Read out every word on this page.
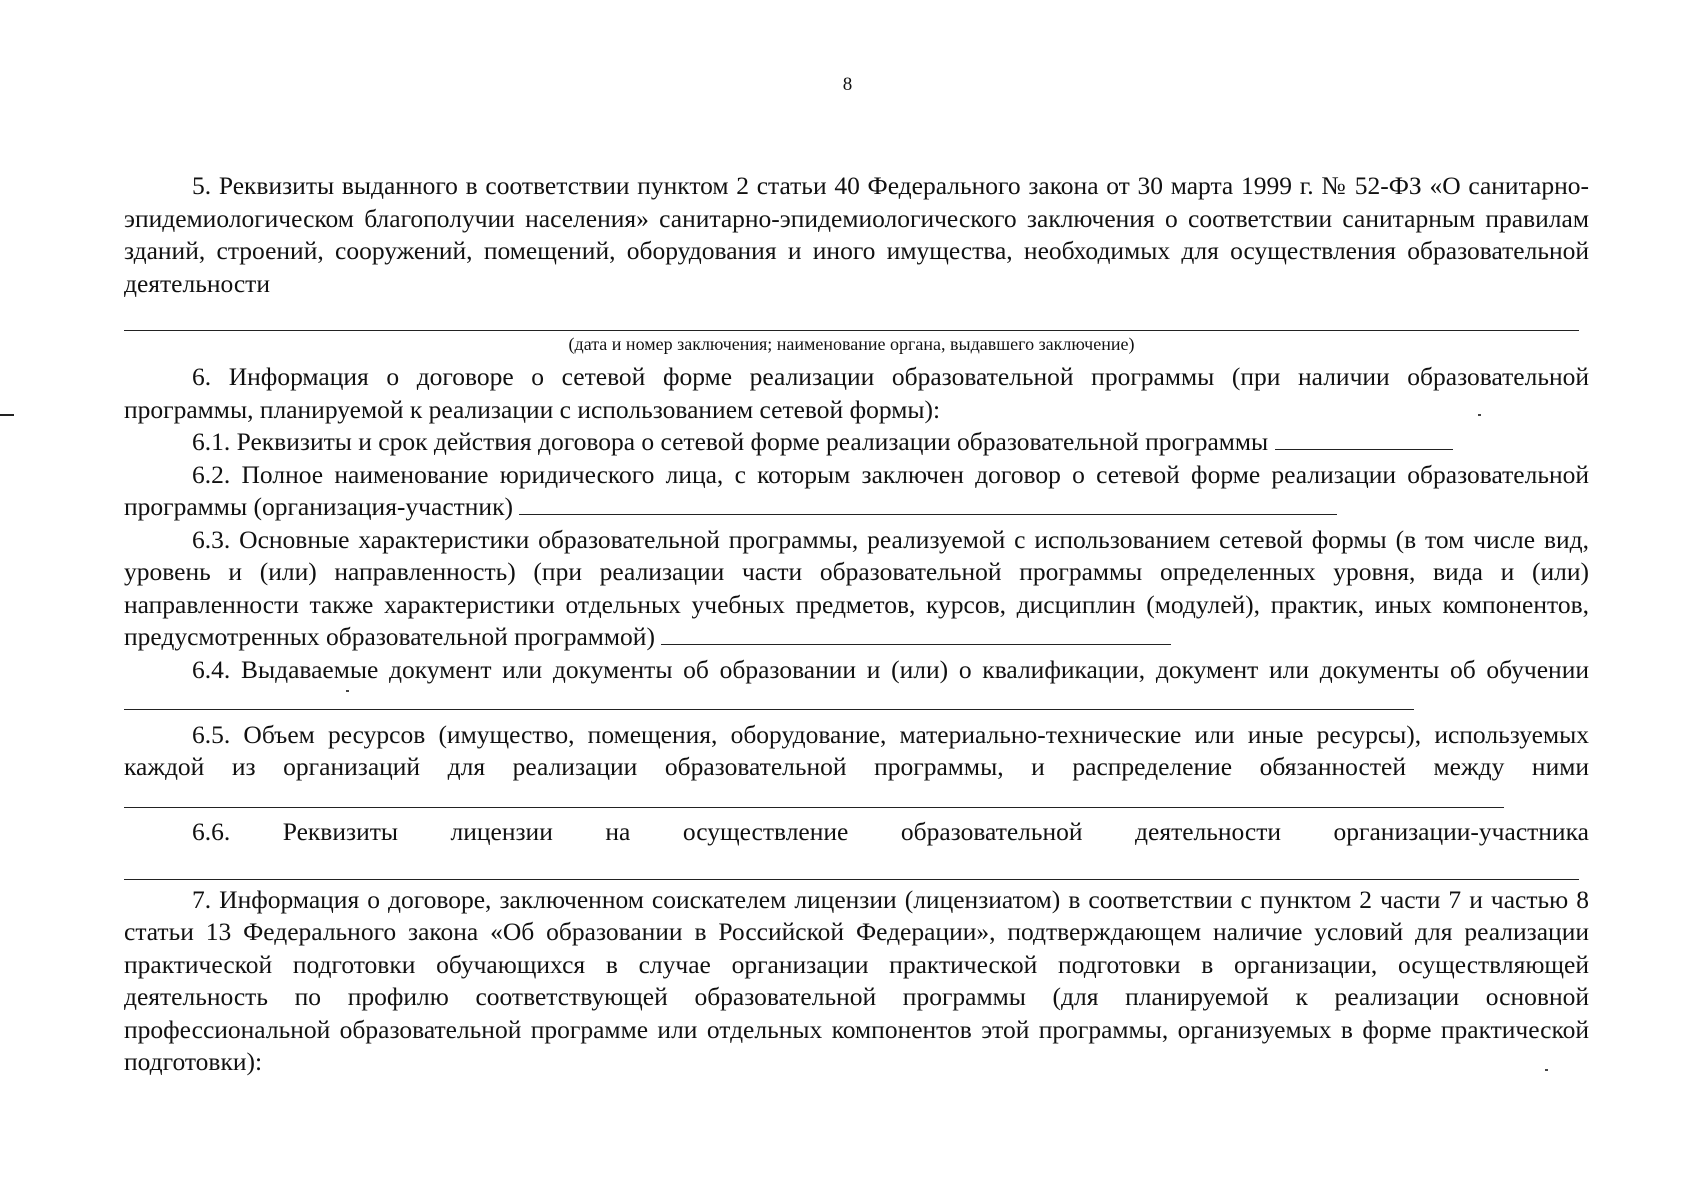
8

5. Реквизиты выданного в соответствии пунктом 2 статьи 40 Федерального закона от 30 марта 1999 г. № 52-ФЗ «О санитарно-эпидемиологическом благополучии населения» санитарно-эпидемиологического заключения о соответствии санитарным правилам зданий, строений, сооружений, помещений, оборудования и иного имущества, необходимых для осуществления образовательной деятельности

(дата и номер заключения; наименование органа, выдавшего заключение)

6. Информация о договоре о сетевой форме реализации образовательной программы (при наличии образовательной программы, планируемой к реализации с использованием сетевой формы):

6.1. Реквизиты и срок действия договора о сетевой форме реализации образовательной программы

6.2. Полное наименование юридического лица, с которым заключен договор о сетевой форме реализации образовательной программы (организация-участник)

6.3. Основные характеристики образовательной программы, реализуемой с использованием сетевой формы (в том числе вид, уровень и (или) направленность) (при реализации части образовательной программы определенных уровня, вида и (или) направленности также характеристики отдельных учебных предметов, курсов, дисциплин (модулей), практик, иных компонентов, предусмотренных образовательной программой)

6.4. Выдаваемые документ или документы об образовании и (или) о квалификации, документ или документы об обучении

6.5. Объем ресурсов (имущество, помещения, оборудование, материально-технические или иные ресурсы), используемых каждой из организаций для реализации образовательной программы, и распределение обязанностей между ними

6.6. Реквизиты лицензии на осуществление образовательной деятельности организации-участника

7. Информация о договоре, заключенном соискателем лицензии (лицензиатом) в соответствии с пунктом 2 части 7 и частью 8 статьи 13 Федерального закона «Об образовании в Российской Федерации», подтверждающем наличие условий для реализации практической подготовки обучающихся в случае организации практической подготовки в организации, осуществляющей деятельность по профилю соответствующей образовательной программы (для планируемой к реализации основной профессиональной образовательной программе или отдельных компонентов этой программы, организуемых в форме практической подготовки):
